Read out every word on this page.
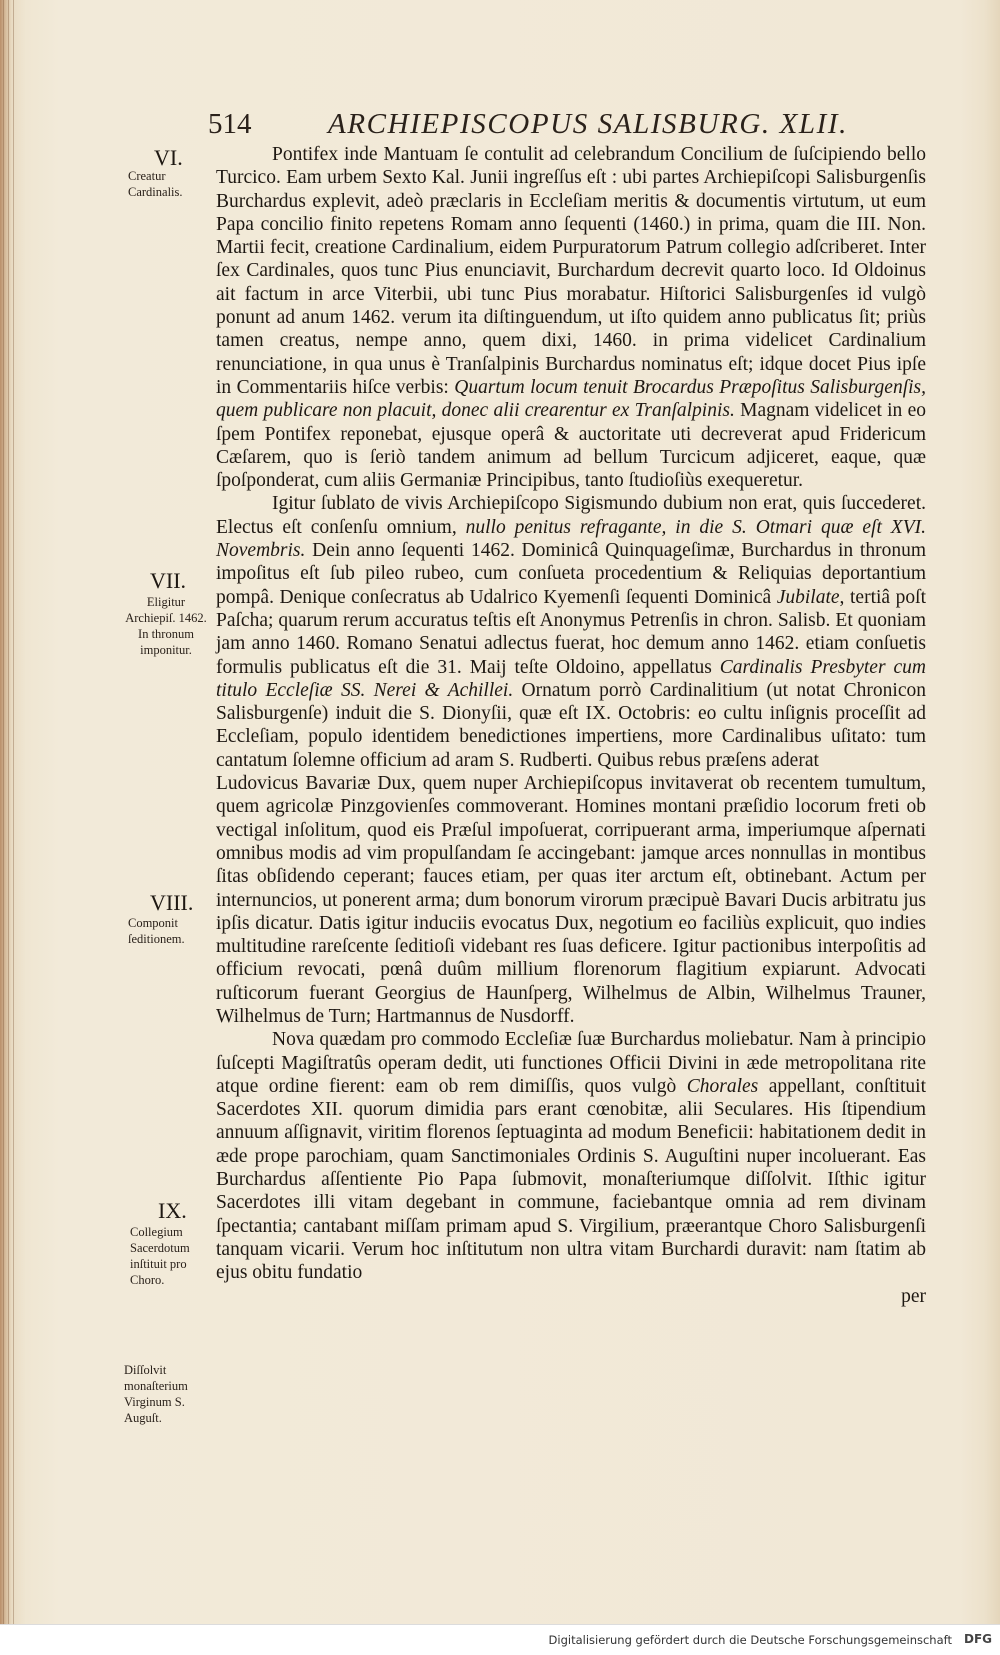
514	ARCHIEPISCOPUS SALISBURG. XLII.
VI.
Creatur Cardinalis.
VII.
Eligitur Archiepiſ. 1462. In thronum imponitur.
VIII.
Componit ſeditionem.
IX.
Collegium Sacerdotum inſtituit pro Choro.
Diſſolvit monaſterium Virginum S. Auguſt.

Pontifex inde Mantuam ſe contulit ad celebrandum Concilium de ſuſcipiendo bello Turcico. Eam urbem Sexto Kal. Junii ingreſſus eſt : ubi partes Archiepiſcopi Salisburgenſis Burchardus explevit, adeò præclaris in Eccleſiam meritis & documentis virtutum, ut eum Papa concilio finito repetens Romam anno ſequenti (1460.) in prima, quam die III. Non. Martii fecit, creatione Cardinalium, eidem Purpuratorum Patrum collegio adſcriberet. Inter ſex Cardinales, quos tunc Pius enunciavit, Burchardum decrevit quarto loco. Id Oldoinus ait factum in arce Viterbii, ubi tunc Pius morabatur. Hiſtorici Salisburgenſes id vulgò ponunt ad anum 1462. verum ita diſtinguendum, ut iſto quidem anno publicatus ſit; priùs tamen creatus, nempe anno, quem dixi, 1460. in prima videlicet Cardinalium renunciatione, in qua unus è Tranſalpinis Burchardus nominatus eſt; idque docet Pius ipſe in Commentariis hiſce verbis: Quartum locum tenuit Brocardus Præpoſitus Salisburgenſis, quem publicare non placuit, donec alii crearentur ex Tranſalpinis. Magnam videlicet in eo ſpem Pontifex reponebat, ejusque operâ & auctoritate uti decreverat apud Fridericum Cæſarem, quo is ſeriò tandem animum ad bellum Turcicum adjiceret, eaque, quæ ſpoſponderat, cum aliis Germaniæ Principibus, tanto ſtudioſiùs exequeretur.

Igitur ſublato de vivis Archiepiſcopo Sigismundo dubium non erat, quis ſuccederet. Electus eſt conſenſu omnium, nullo penitus refragante, in die S. Otmari quæ eſt XVI. Novembris. Dein anno ſequenti 1462. Dominicâ Quinquageſimæ, Burchardus in thronum impoſitus eſt ſub pileo rubeo, cum conſueta procedentium & Reliquias deportantium pompâ. Denique conſecratus ab Udalrico Kyemenſi ſequenti Dominicâ Jubilate, tertiâ poſt Paſcha; quarum rerum accuratus teſtis eſt Anonymus Petrenſis in chron. Salisb. Et quoniam jam anno 1460. Romano Senatui adlectus fuerat, hoc demum anno 1462. etiam conſuetis formulis publicatus eſt die 31. Maij teſte Oldoino, appellatus Cardinalis Presbyter cum titulo Eccleſiæ SS. Nerei & Achillei. Ornatum porrò Cardinalitium (ut notat Chronicon Salisburgenſe) induit die S. Dionyſii, quæ eſt IX. Octobris: eo cultu inſignis proceſſit ad Eccleſiam, populo identidem benedictiones impertiens, more Cardinalibus uſitato: tum cantatum ſolemne officium ad aram S. Rudberti. Quibus rebus præſens aderat

Ludovicus Bavariæ Dux, quem nuper Archiepiſcopus invitaverat ob recentem tumultum, quem agricolæ Pinzgovienſes commoverant. Homines montani præſidio locorum freti ob vectigal inſolitum, quod eis Præſul impoſuerat, corripuerant arma, imperiumque aſpernati omnibus modis ad vim propulſandam ſe accingebant: jamque arces nonnullas in montibus ſitas obſidendo ceperant; fauces etiam, per quas iter arctum eſt, obtinebant. Actum per internuncios, ut ponerent arma; dum bonorum virorum præcipuè Bavari Ducis arbitratu jus ipſis dicatur. Datis igitur induciis evocatus Dux, negotium eo faciliùs explicuit, quo indies multitudine rareſcente ſeditioſi videbant res ſuas deficere. Igitur pactionibus interpoſitis ad officium revocati, pœnâ duûm millium florenorum flagitium expiarunt. Advocati ruſticorum fuerant Georgius de Haunſperg, Wilhelmus de Albin, Wilhelmus Trauner, Wilhelmus de Turn; Hartmannus de Nusdorff.

Nova quædam pro commodo Eccleſiæ ſuæ Burchardus moliebatur. Nam à principio ſuſcepti Magiſtratûs operam dedit, uti functiones Officii Divini in æde metropolitana rite atque ordine fierent: eam ob rem dimiſſis, quos vulgò Chorales appellant, conſtituit Sacerdotes XII. quorum dimidia pars erant cœnobitæ, alii Seculares. His ſtipendium annuum aſſignavit, viritim florenos ſeptuaginta ad modum Beneficii: habitationem dedit in æde prope parochiam, quam Sanctimoniales Ordinis S. Auguſtini nuper incoluerant. Eas Burchardus aſſentiente Pio Papa ſubmovit, monaſteriumque diſſolvit. Iſthic igitur Sacerdotes illi vitam degebant in commune, faciebantque omnia ad rem divinam ſpectantia; cantabant miſſam primam apud S. Virgilium, præerantque Choro Salisburgenſi tanquam vicarii. Verum hoc inſtitutum non ultra vitam Burchardi duravit: nam ſtatim ab ejus obitu fundatio

per
Digitalisierung gefördert durch die Deutsche Forschungsgemeinschaft DFG
